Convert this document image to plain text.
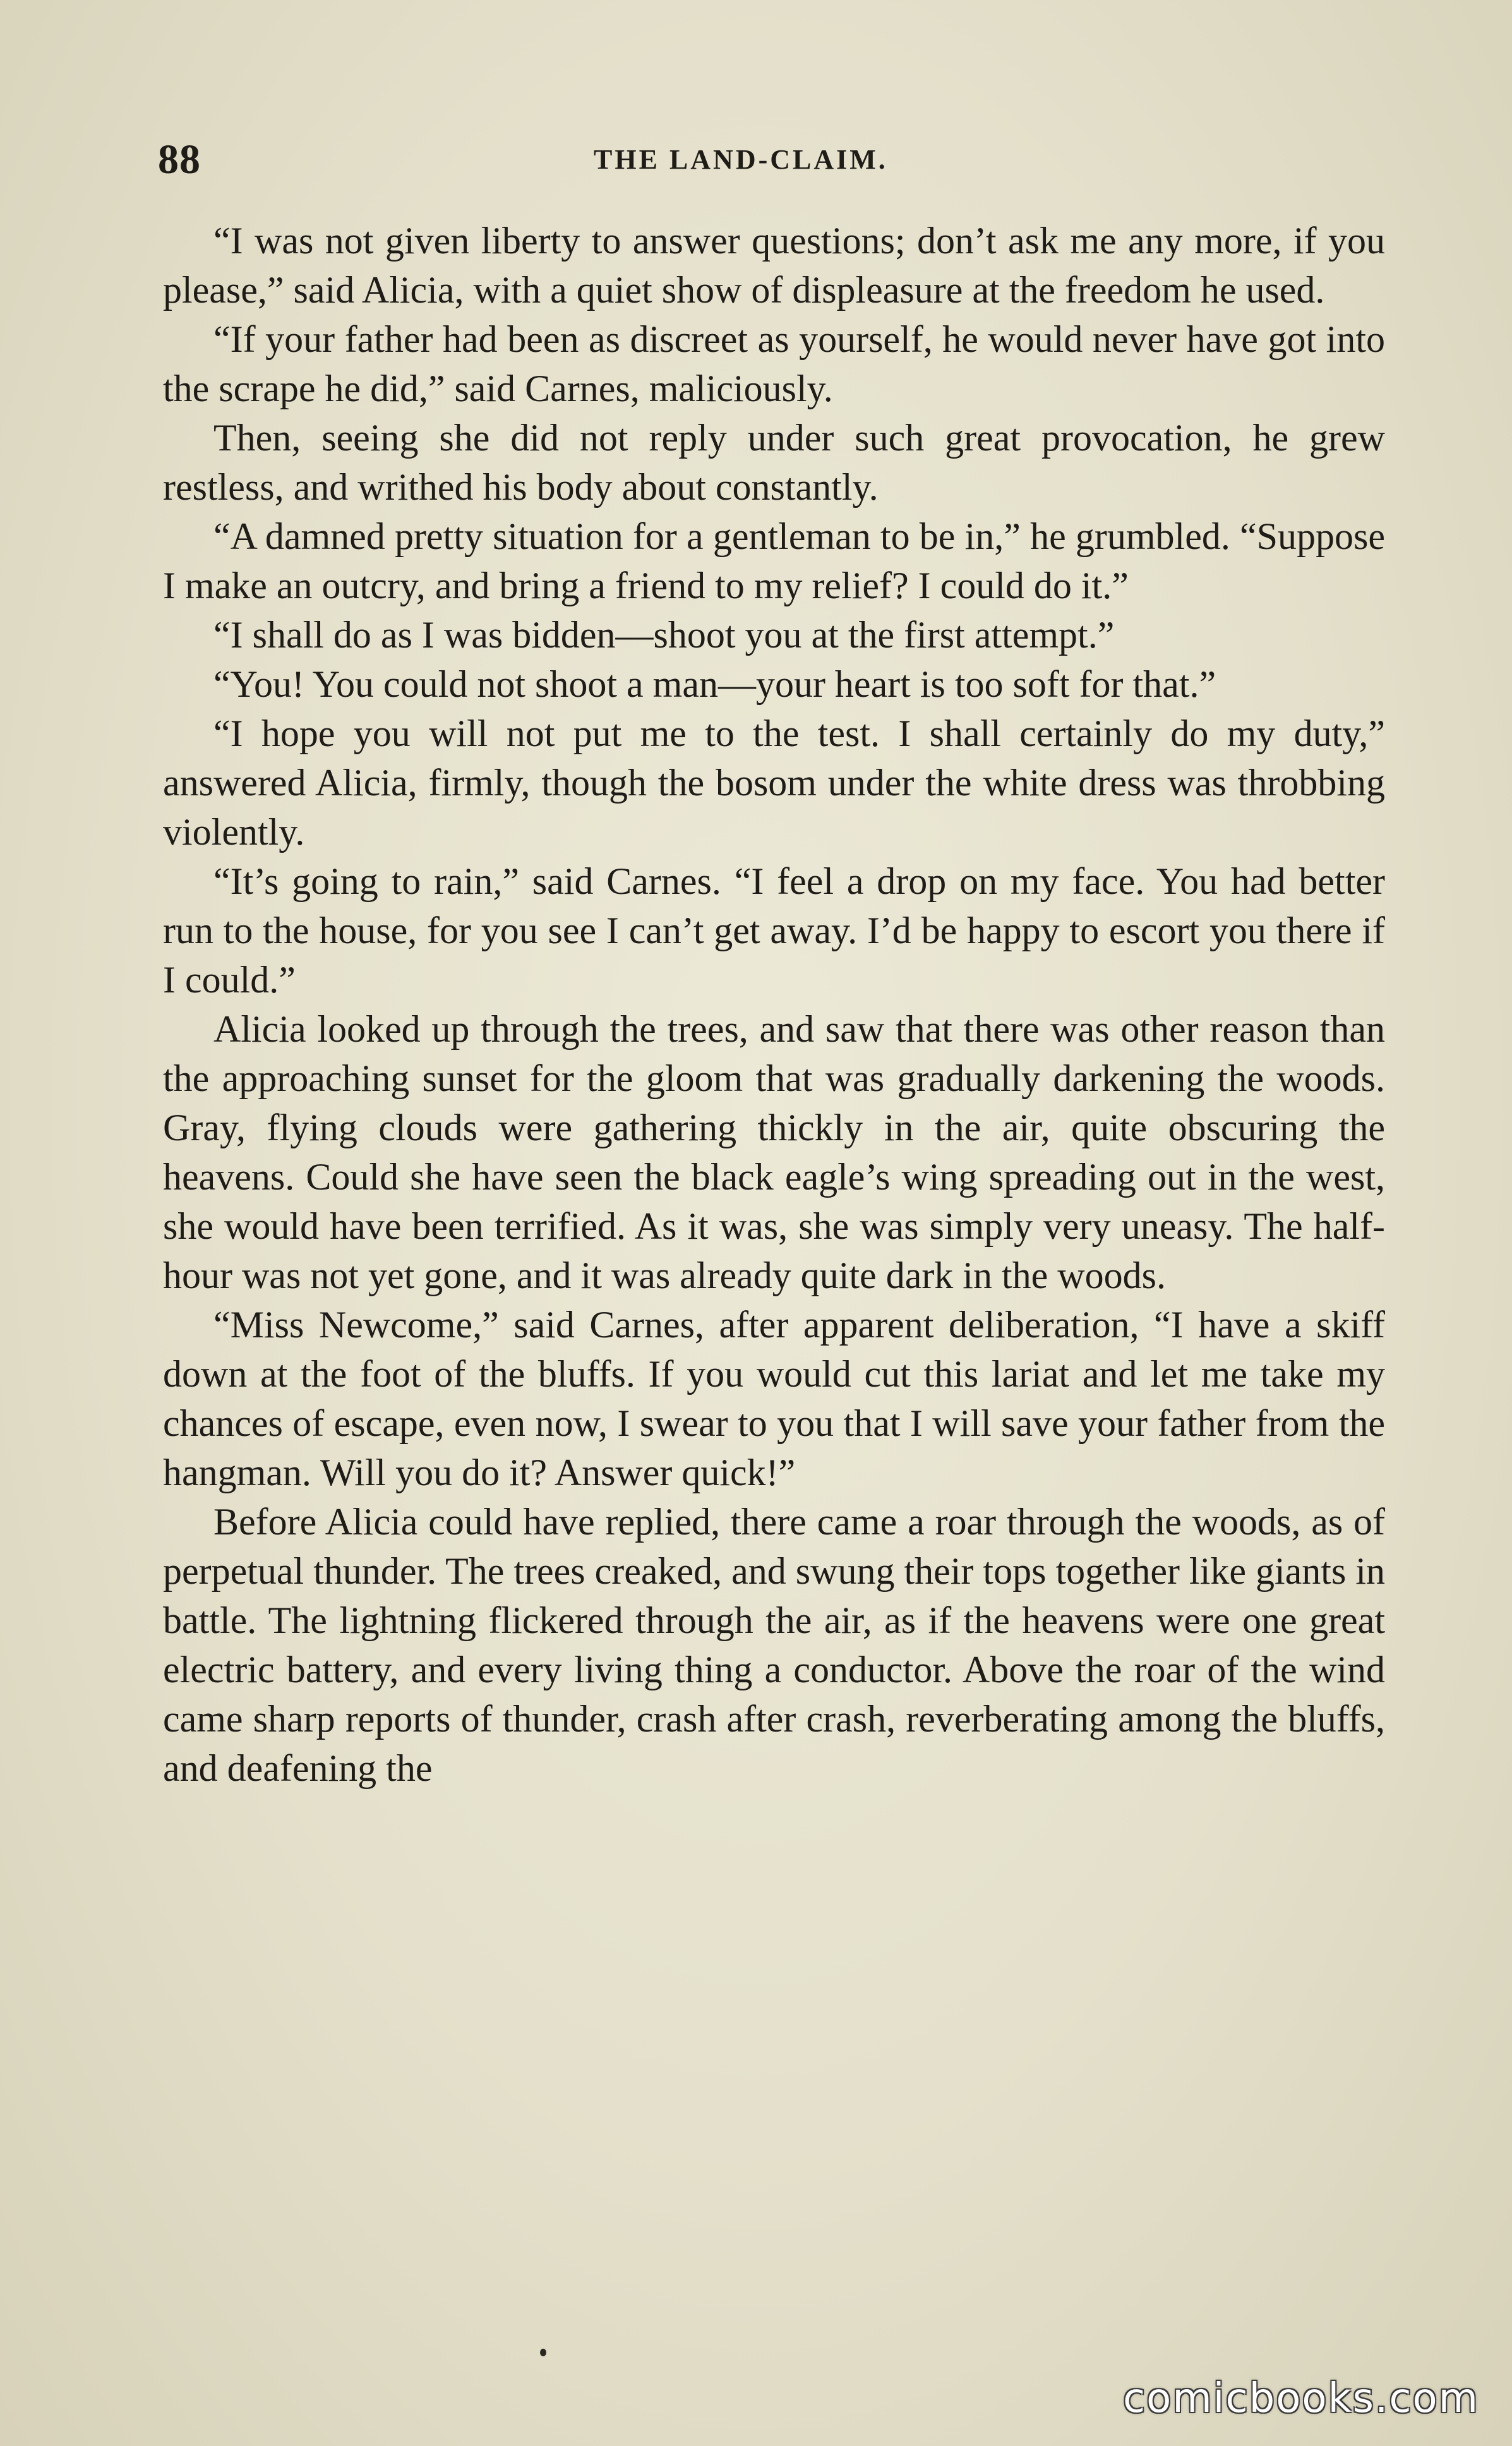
88	THE LAND-CLAIM.

“I was not given liberty to answer questions; don’t ask me any more, if you please,” said Alicia, with a quiet show of displeasure at the freedom he used.

“If your father had been as discreet as yourself, he would never have got into the scrape he did,” said Carnes, maliciously.

Then, seeing she did not reply under such great provocation, he grew restless, and writhed his body about constantly.

“A damned pretty situation for a gentleman to be in,” he grumbled. “Suppose I make an outcry, and bring a friend to my relief? I could do it.”

“I shall do as I was bidden—shoot you at the first attempt.”

“You! You could not shoot a man—your heart is too soft for that.”

“I hope you will not put me to the test. I shall certainly do my duty,” answered Alicia, firmly, though the bosom under the white dress was throbbing violently.

“It’s going to rain,” said Carnes. “I feel a drop on my face. You had better run to the house, for you see I can’t get away. I’d be happy to escort you there if I could.”

Alicia looked up through the trees, and saw that there was other reason than the approaching sunset for the gloom that was gradually darkening the woods. Gray, flying clouds were gathering thickly in the air, quite obscuring the heavens. Could she have seen the black eagle’s wing spreading out in the west, she would have been terrified. As it was, she was simply very uneasy. The half-hour was not yet gone, and it was already quite dark in the woods.

“Miss Newcome,” said Carnes, after apparent deliberation, “I have a skiff down at the foot of the bluffs. If you would cut this lariat and let me take my chances of escape, even now, I swear to you that I will save your father from the hangman. Will you do it? Answer quick!”

Before Alicia could have replied, there came a roar through the woods, as of perpetual thunder. The trees creaked, and swung their tops together like giants in battle. The lightning flickered through the air, as if the heavens were one great electric battery, and every living thing a conductor. Above the roar of the wind came sharp reports of thunder, crash after crash, reverberating among the bluffs, and deafening the

comicbooks.com
